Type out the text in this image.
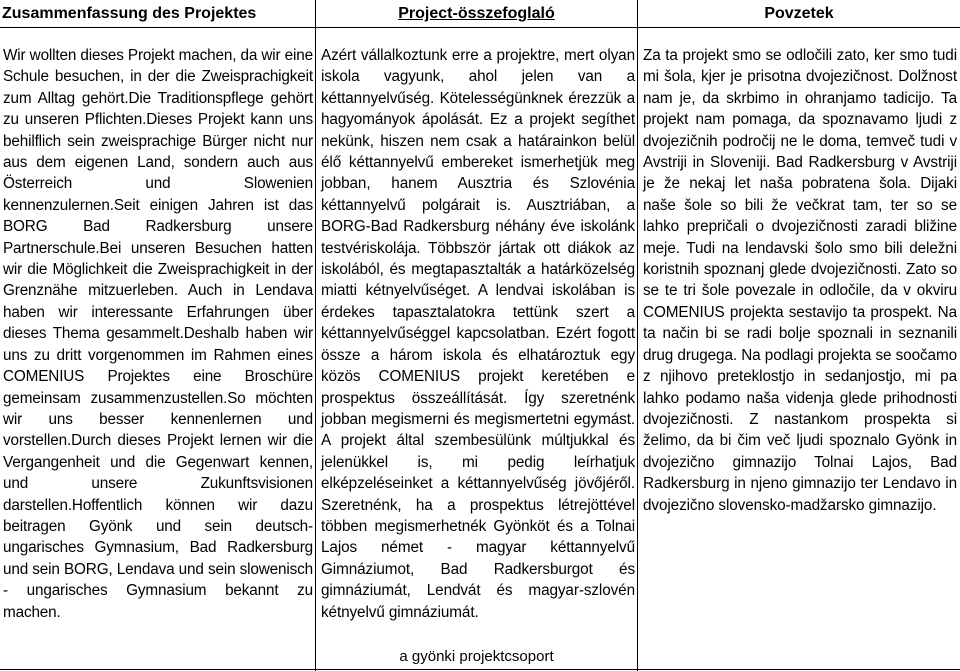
Zusammenfassung des Projektes
Wir wollten dieses Projekt machen, da wir eine Schule besuchen, in der die Zweisprachigkeit zum Alltag gehört.Die Traditionspflege gehört zu unseren Pflichten.Dieses Projekt kann uns behilflich sein zweisprachige Bürger nicht nur aus dem eigenen Land, sondern auch aus Österreich und Slowenien kennenzulernen.Seit einigen Jahren ist das BORG Bad Radkersburg unsere Partnerschule.Bei unseren Besuchen hatten wir die Möglichkeit die Zweisprachigkeit in der Grenznähe mitzuerleben. Auch in Lendava haben wir interessante Erfahrungen über dieses Thema gesammelt.Deshalb haben wir uns zu dritt vorgenommen im Rahmen eines COMENIUS Projektes eine Broschüre gemeinsam zusammenzustellen.So möchten wir uns besser kennenlernen und vorstellen.Durch dieses Projekt lernen wir die Vergangenheit und die Gegenwart kennen, und unsere Zukunftsvisionen darstellen.Hoffentlich können wir dazu beitragen Gyönk und sein deutsch-ungarisches Gymnasium, Bad Radkersburg und sein BORG, Lendava und sein slowenisch - ungarisches Gymnasium bekannt zu machen.
Project-összefoglaló
Azért vállalkoztunk erre a projektre, mert olyan iskola vagyunk, ahol jelen van a kéttannyelvűség. Kötelességünknek érezzük a hagyományok ápolását. Ez a projekt segíthet nekünk, hiszen nem csak a határainkon belül élő kéttannyelvű embereket ismerhetjük meg jobban, hanem Ausztria és Szlovénia kéttannyelvű polgárait is. Ausztriában, a BORG-Bad Radkersburg néhány éve iskolánk testvériskolája. Többször jártak ott diákok az iskolából, és megtapasztalták a határközelség miatti kétnyelvűséget. A lendvai iskolában is érdekes tapasztalatokra tettünk szert a kéttannyelvűséggel kapcsolatban. Ezért fogott össze a három iskola és elhatároztuk egy közös COMENIUS projekt keretében e prospektus összeállítását. Így szeretnénk jobban megismerni és megismertetni egymást. A projekt által szembesülünk múltjukkal és jelenükkel is, mi pedig leírhatjuk elképzeléseinket a kéttannyelvűség jövőjéről. Szeretnénk, ha a prospektus létrejöttével többen megismerhetnék Gyönköt és a Tolnai Lajos német - magyar kéttannyelvű Gimnáziumot, Bad Radkersburgot és gimnáziumát, Lendvát és magyar-szlovén kétnyelvű gimnáziumát.
a gyönki projektcsoport
Povzetek
Za ta projekt smo se odločili zato, ker smo tudi mi šola, kjer je prisotna dvojezičnost. Dolžnost nam je, da skrbimo in ohranjamo tadicijo. Ta projekt nam pomaga, da spoznavamo ljudi z dvojezičnih področij ne le doma, temveč tudi v Avstriji in Sloveniji. Bad Radkersburg v Avstriji je že nekaj let naša pobratena šola. Dijaki naše šole so bili že večkrat tam, ter so se lahko prepričali o dvojezičnosti zaradi bližine meje. Tudi na lendavski šolo smo bili deležni koristnih spoznanj glede dvojezičnosti. Zato so se te tri šole povezale in odločile, da v okviru COMENIUS projekta sestavijo ta prospekt. Na ta način bi se radi bolje spoznali in seznanili drug drugega. Na podlagi projekta se soočamo z njihovo preteklostjo in sedanjostjo, mi pa lahko podamo naša videnja glede prihodnosti dvojezičnosti. Z nastankom prospekta si želimo, da bi čim več ljudi spoznalo Gyönk in dvojezično gimnazijo Tolnai Lajos, Bad Radkersburg in njeno gimnazijo ter Lendavo in dvojezično slovensko-madžarsko gimnazijo.
